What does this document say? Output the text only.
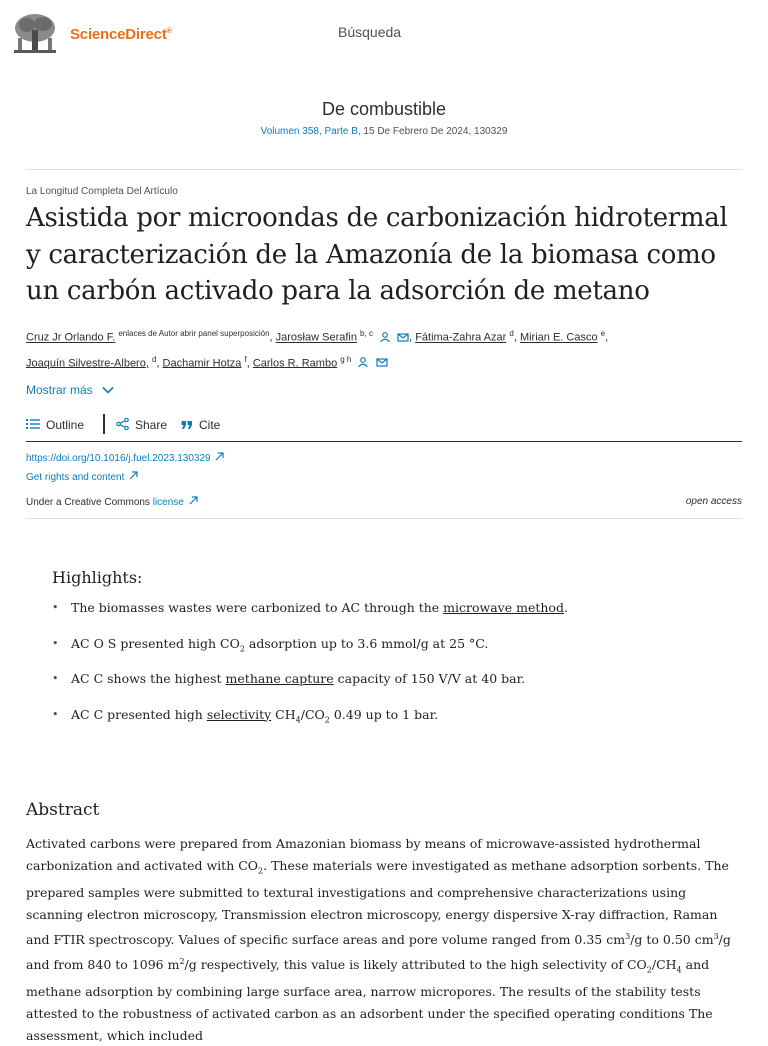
ScienceDirect®	Búsqueda
De combustible
Volumen 358, Parte B, 15 De Febrero De 2024, 130329
La Longitud Completa Del Artículo
Asistida por microondas de carbonización hidrotermal y caracterización de la Amazonía de la biomasa como un carbón activado para la adsorción de metano
Cruz Jr Orlando F. $^{enlaces de Autor abrir panel superposición}$, Jarosław Serafin $^{b, c}$	, Fátima-Zahra Azar $^d$, Mirian E. Casco $^e$,
Joaquín Silvestre-Albero, $^d$, Dachamir Hotza $^f$, Carlos R. Rambo $^{g h}$
Mostrar más
Outline	Share	Cite
https://doi.org/10.1016/j.fuel.2023.130329
Get rights and content
Under a Creative Commons license	open access
Highlights:
• The biomasses wastes were carbonized to AC through the microwave method.
• AC O S presented high $CO_2$ adsorption up to 3.6 mmol/g at 25 °C.
• AC C shows the highest methane capture capacity of 150 V/V at 40 bar.
• AC C presented high selectivity $CH_4/CO_2$ 0.49 up to 1 bar.
Abstract

Activated carbons were prepared from Amazonian biomass by means of microwave-assisted hydrothermal carbonization and activated with $CO_2$. These materials were investigated as methane adsorption sorbents. The prepared samples were submitted to textural investigations and comprehensive characterizations using scanning electron microscopy, Transmission electron microscopy, energy dispersive X-ray diffraction, Raman and FTIR spectroscopy. Values of specific surface areas and pore volume ranged from 0.35 $cm^3/g$ to 0.50 $cm^3/g$ and from 840 to 1096 $m^2/g$ respectively, this value is likely attributed to the high selectivity of $CO_2/CH_4$ and methane adsorption by combining large surface area, narrow micropores. The results of the stability tests attested to the robustness of activated carbon as an adsorbent under the specified operating conditions The assessment, which included
